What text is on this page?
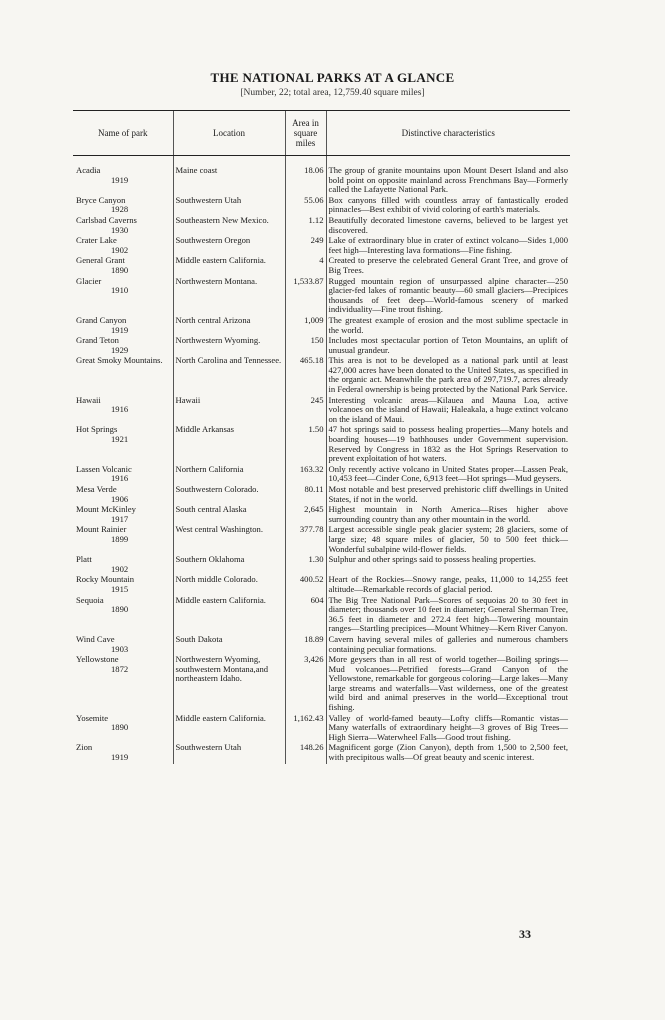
THE NATIONAL PARKS AT A GLANCE
[Number, 22; total area, 12,759.40 square miles]
Name of park	Location	Area in square miles	Distinctive characteristics

Acadia
1919	Maine coast	18.06	The group of granite mountains upon Mount Desert Island and also bold point on opposite mainland across Frenchmans Bay—Formerly called the Lafayette National Park.
Bryce Canyon
1928	Southwestern Utah	55.06	Box canyons filled with countless array of fantastically eroded pinnacles—Best exhibit of vivid coloring of earth's materials.
Carlsbad Caverns
1930	Southeastern New Mexico.	1.12	Beautifully decorated limestone caverns, believed to be largest yet discovered.
Crater Lake
1902	Southwestern Oregon	249	Lake of extraordinary blue in crater of extinct volcano—Sides 1,000 feet high—Interesting lava formations—Fine fishing.
General Grant
1890	Middle eastern California.	4	Created to preserve the celebrated General Grant Tree, and grove of Big Trees.
Glacier
1910	Northwestern Montana.	1,533.87	Rugged mountain region of unsurpassed alpine character—250 glacier-fed lakes of romantic beauty—60 small glaciers—Precipices thousands of feet deep—World-famous scenery of marked individuality—Fine trout fishing.
Grand Canyon
1919	North central Arizona	1,009	The greatest example of erosion and the most sublime spectacle in the world.
Grand Teton
1929	Northwestern Wyoming.	150	Includes most spectacular portion of Teton Mountains, an uplift of unusual grandeur.
Great Smoky Mountains.	North Carolina and Tennessee.	465.18	This area is not to be developed as a national park until at least 427,000 acres have been donated to the United States, as specified in the organic act. Meanwhile the park area of 297,719.7, acres already in Federal ownership is being protected by the National Park Service.
Hawaii
1916	Hawaii	245	Interesting volcanic areas—Kilauea and Mauna Loa, active volcanoes on the island of Hawaii; Haleakala, a huge extinct volcano on the island of Maui.
Hot Springs
1921	Middle Arkansas	1.50	47 hot springs said to possess healing properties—Many hotels and boarding houses—19 bathhouses under Government supervision. Reserved by Congress in 1832 as the Hot Springs Reservation to prevent exploitation of hot waters.
Lassen Volcanic
1916	Northern California	163.32	Only recently active volcano in United States proper—Lassen Peak, 10,453 feet—Cinder Cone, 6,913 feet—Hot springs—Mud geysers.
Mesa Verde
1906	Southwestern Colorado.	80.11	Most notable and best preserved prehistoric cliff dwellings in United States, if not in the world.
Mount McKinley
1917	South central Alaska	2,645	Highest mountain in North America—Rises higher above surrounding country than any other mountain in the world.
Mount Rainier
1899	West central Washington.	377.78	Largest accessible single peak glacier system; 28 glaciers, some of large size; 48 square miles of glacier, 50 to 500 feet thick—Wonderful subalpine wild-flower fields.
Platt
1902	Southern Oklahoma	1.30	Sulphur and other springs said to possess healing properties.
Rocky Mountain
1915	North middle Colorado.	400.52	Heart of the Rockies—Snowy range, peaks, 11,000 to 14,255 feet altitude—Remarkable records of glacial period.
Sequoia
1890	Middle eastern California.	604	The Big Tree National Park—Scores of sequoias 20 to 30 feet in diameter; thousands over 10 feet in diameter; General Sherman Tree, 36.5 feet in diameter and 272.4 feet high—Towering mountain ranges—Startling precipices—Mount Whitney—Kern River Canyon.
Wind Cave
1903	South Dakota	18.89	Cavern having several miles of galleries and numerous chambers containing peculiar formations.
Yellowstone
1872	Northwestern Wyoming, southwestern Montana,and northeastern Idaho.	3,426	More geysers than in all rest of world together—Boiling springs—Mud volcanoes—Petrified forests—Grand Canyon of the Yellowstone, remarkable for gorgeous coloring—Large lakes—Many large streams and waterfalls—Vast wilderness, one of the greatest wild bird and animal preserves in the world—Exceptional trout fishing.
Yosemite
1890	Middle eastern California.	1,162.43	Valley of world-famed beauty—Lofty cliffs—Romantic vistas—Many waterfalls of extraordinary height—3 groves of Big Trees—High Sierra—Waterwheel Falls—Good trout fishing.
Zion
1919	Southwestern Utah	148.26	Magnificent gorge (Zion Canyon), depth from 1,500 to 2,500 feet, with precipitous walls—Of great beauty and scenic interest.
33
